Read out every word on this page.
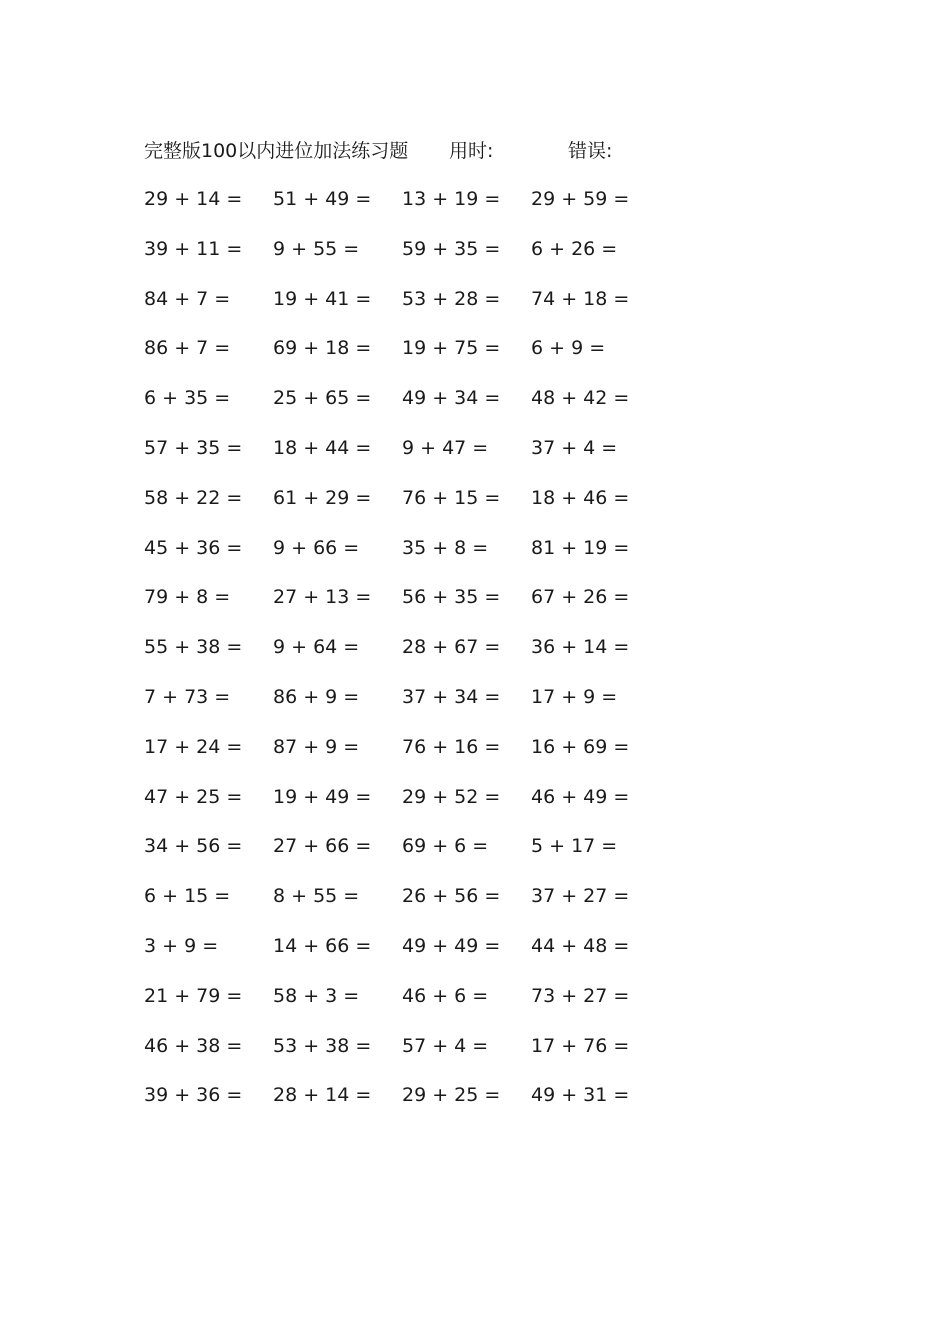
完整版100以内进位加法练习题 用时:	错误:
29 + 14 =	51 + 49 =	13 + 19 =	29 + 59 =
39 + 11 =	9 + 55 =	59 + 35 =	6 + 26 =
84 + 7 =	19 + 41 =	53 + 28 =	74 + 18 =
86 + 7 =	69 + 18 =	19 + 75 =	6 + 9 =
6 + 35 =	25 + 65 =	49 + 34 =	48 + 42 =
57 + 35 =	18 + 44 =	9 + 47 =	37 + 4 =
58 + 22 =	61 + 29 =	76 + 15 =	18 + 46 =
45 + 36 =	9 + 66 =	35 + 8 =	81 + 19 =
79 + 8 =	27 + 13 =	56 + 35 =	67 + 26 =
55 + 38 =	9 + 64 =	28 + 67 =	36 + 14 =
7 + 73 =	86 + 9 =	37 + 34 =	17 + 9 =
17 + 24 =	87 + 9 =	76 + 16 =	16 + 69 =
47 + 25 =	19 + 49 =	29 + 52 =	46 + 49 =
34 + 56 =	27 + 66 =	69 + 6 =	5 + 17 =
6 + 15 =	8 + 55 =	26 + 56 =	37 + 27 =
3 + 9 =	14 + 66 =	49 + 49 =	44 + 48 =
21 + 79 =	58 + 3 =	46 + 6 =	73 + 27 =
46 + 38 =	53 + 38 =	57 + 4 =	17 + 76 =
39 + 36 =	28 + 14 =	29 + 25 =	49 + 31 =
